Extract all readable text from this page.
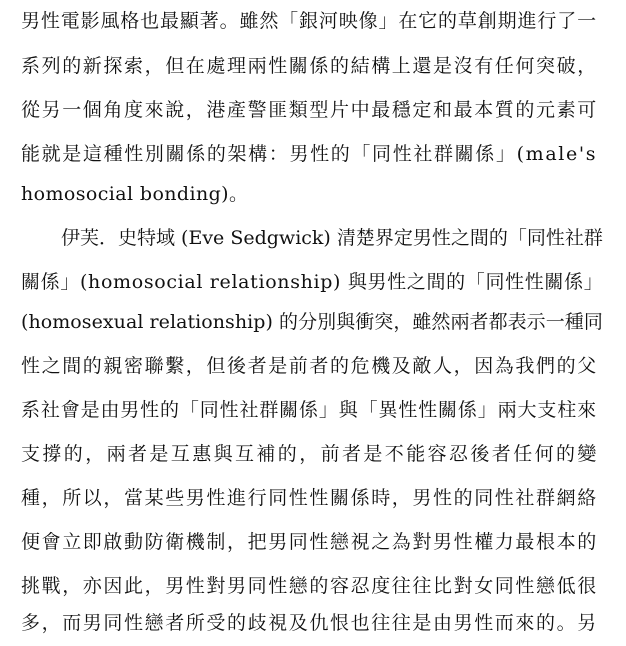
男性電影風格也最顯著。雖然「銀河映像」在它的草創期進行了一
系列的新探索，但在處理兩性關係的結構上還是沒有任何突破，
從另一個角度來說，港產警匪類型片中最穩定和最本質的元素可
能就是這種性別關係的架構：男性的「同性社群關係」(male's
homosocial bonding)。
伊芙．史特域 (Eve Sedgwick) 清楚界定男性之間的「同性社群
關係」(homosocial relationship) 與男性之間的「同性性關係」
(homosexual relationship) 的分別與衝突，雖然兩者都表示一種同
性之間的親密聯繫，但後者是前者的危機及敵人，因為我們的父
系社會是由男性的「同性社群關係」與「異性性關係」兩大支柱來
支撐的，兩者是互惠與互補的，前者是不能容忍後者任何的變
種，所以，當某些男性進行同性性關係時，男性的同性社群網絡
便會立即啟動防衛機制，把男同性戀視之為對男性權力最根本的
挑戰，亦因此，男性對男同性戀的容忍度往往比對女同性戀低很
多，而男同性戀者所受的歧視及仇恨也往往是由男性而來的。另
